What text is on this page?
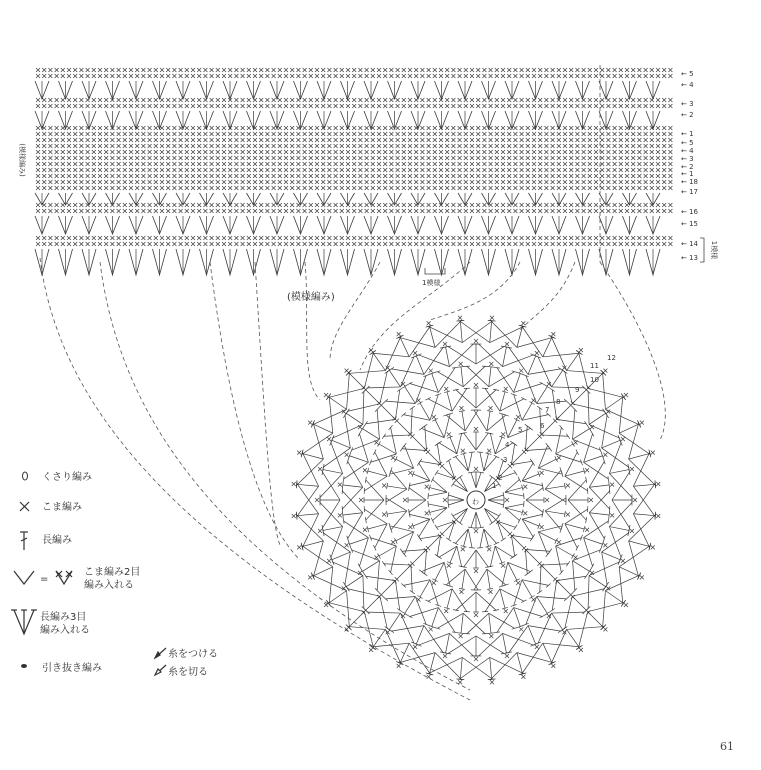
わ
1
2
3
4
5	6
7
8
9
10
11
12
← 5
← 4
← 3
← 2
← 1
← 5
← 4
← 3
← 2
← 1
← 18
← 17
← 16
← 15
← 14
← 13
(模様編み)
1模様
1模様
(模様編み)
くさり編み
こま編み
長編み
=
こま編み2目
編み入れる
長編み3目
編み入れる
引き抜き編み
糸をつける
糸を切る
61
